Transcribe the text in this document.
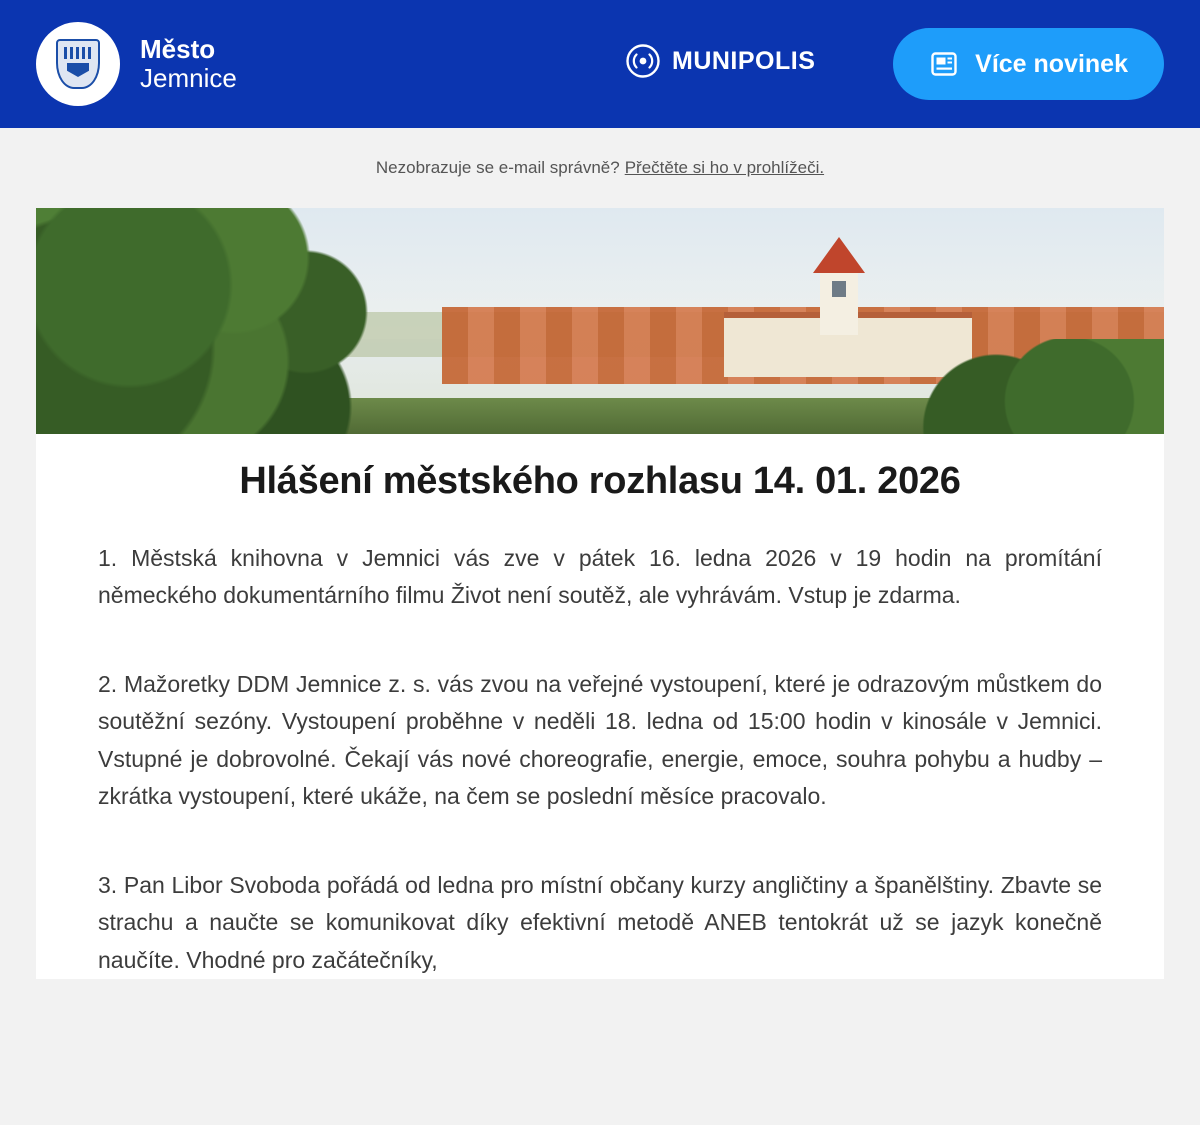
Město
Jemnice
MUNIPOLIS	Více novinek
Nezobrazuje se e-mail správně? Přečtěte si ho v prohlížeči.
Hlášení městského rozhlasu 14. 01. 2026

1. Městská knihovna v Jemnici vás zve v pátek 16. ledna 2026 v 19 hodin na promítání německého dokumentárního filmu Život není soutěž, ale vyhrávám. Vstup je zdarma.

2. Mažoretky DDM Jemnice z. s. vás zvou na veřejné vystoupení, které je odrazovým můstkem do soutěžní sezóny. Vystoupení proběhne v neděli 18. ledna od 15:00 hodin v kinosále v Jemnici. Vstupné je dobrovolné. Čekají vás nové choreografie, energie, emoce, souhra pohybu a hudby – zkrátka vystoupení, které ukáže, na čem se poslední měsíce pracovalo.

3. Pan Libor Svoboda pořádá od ledna pro místní občany kurzy angličtiny a španělštiny. Zbavte se strachu a naučte se komunikovat díky efektivní metodě ANEB tentokrát už se jazyk konečně naučíte. Vhodné pro začátečníky,
